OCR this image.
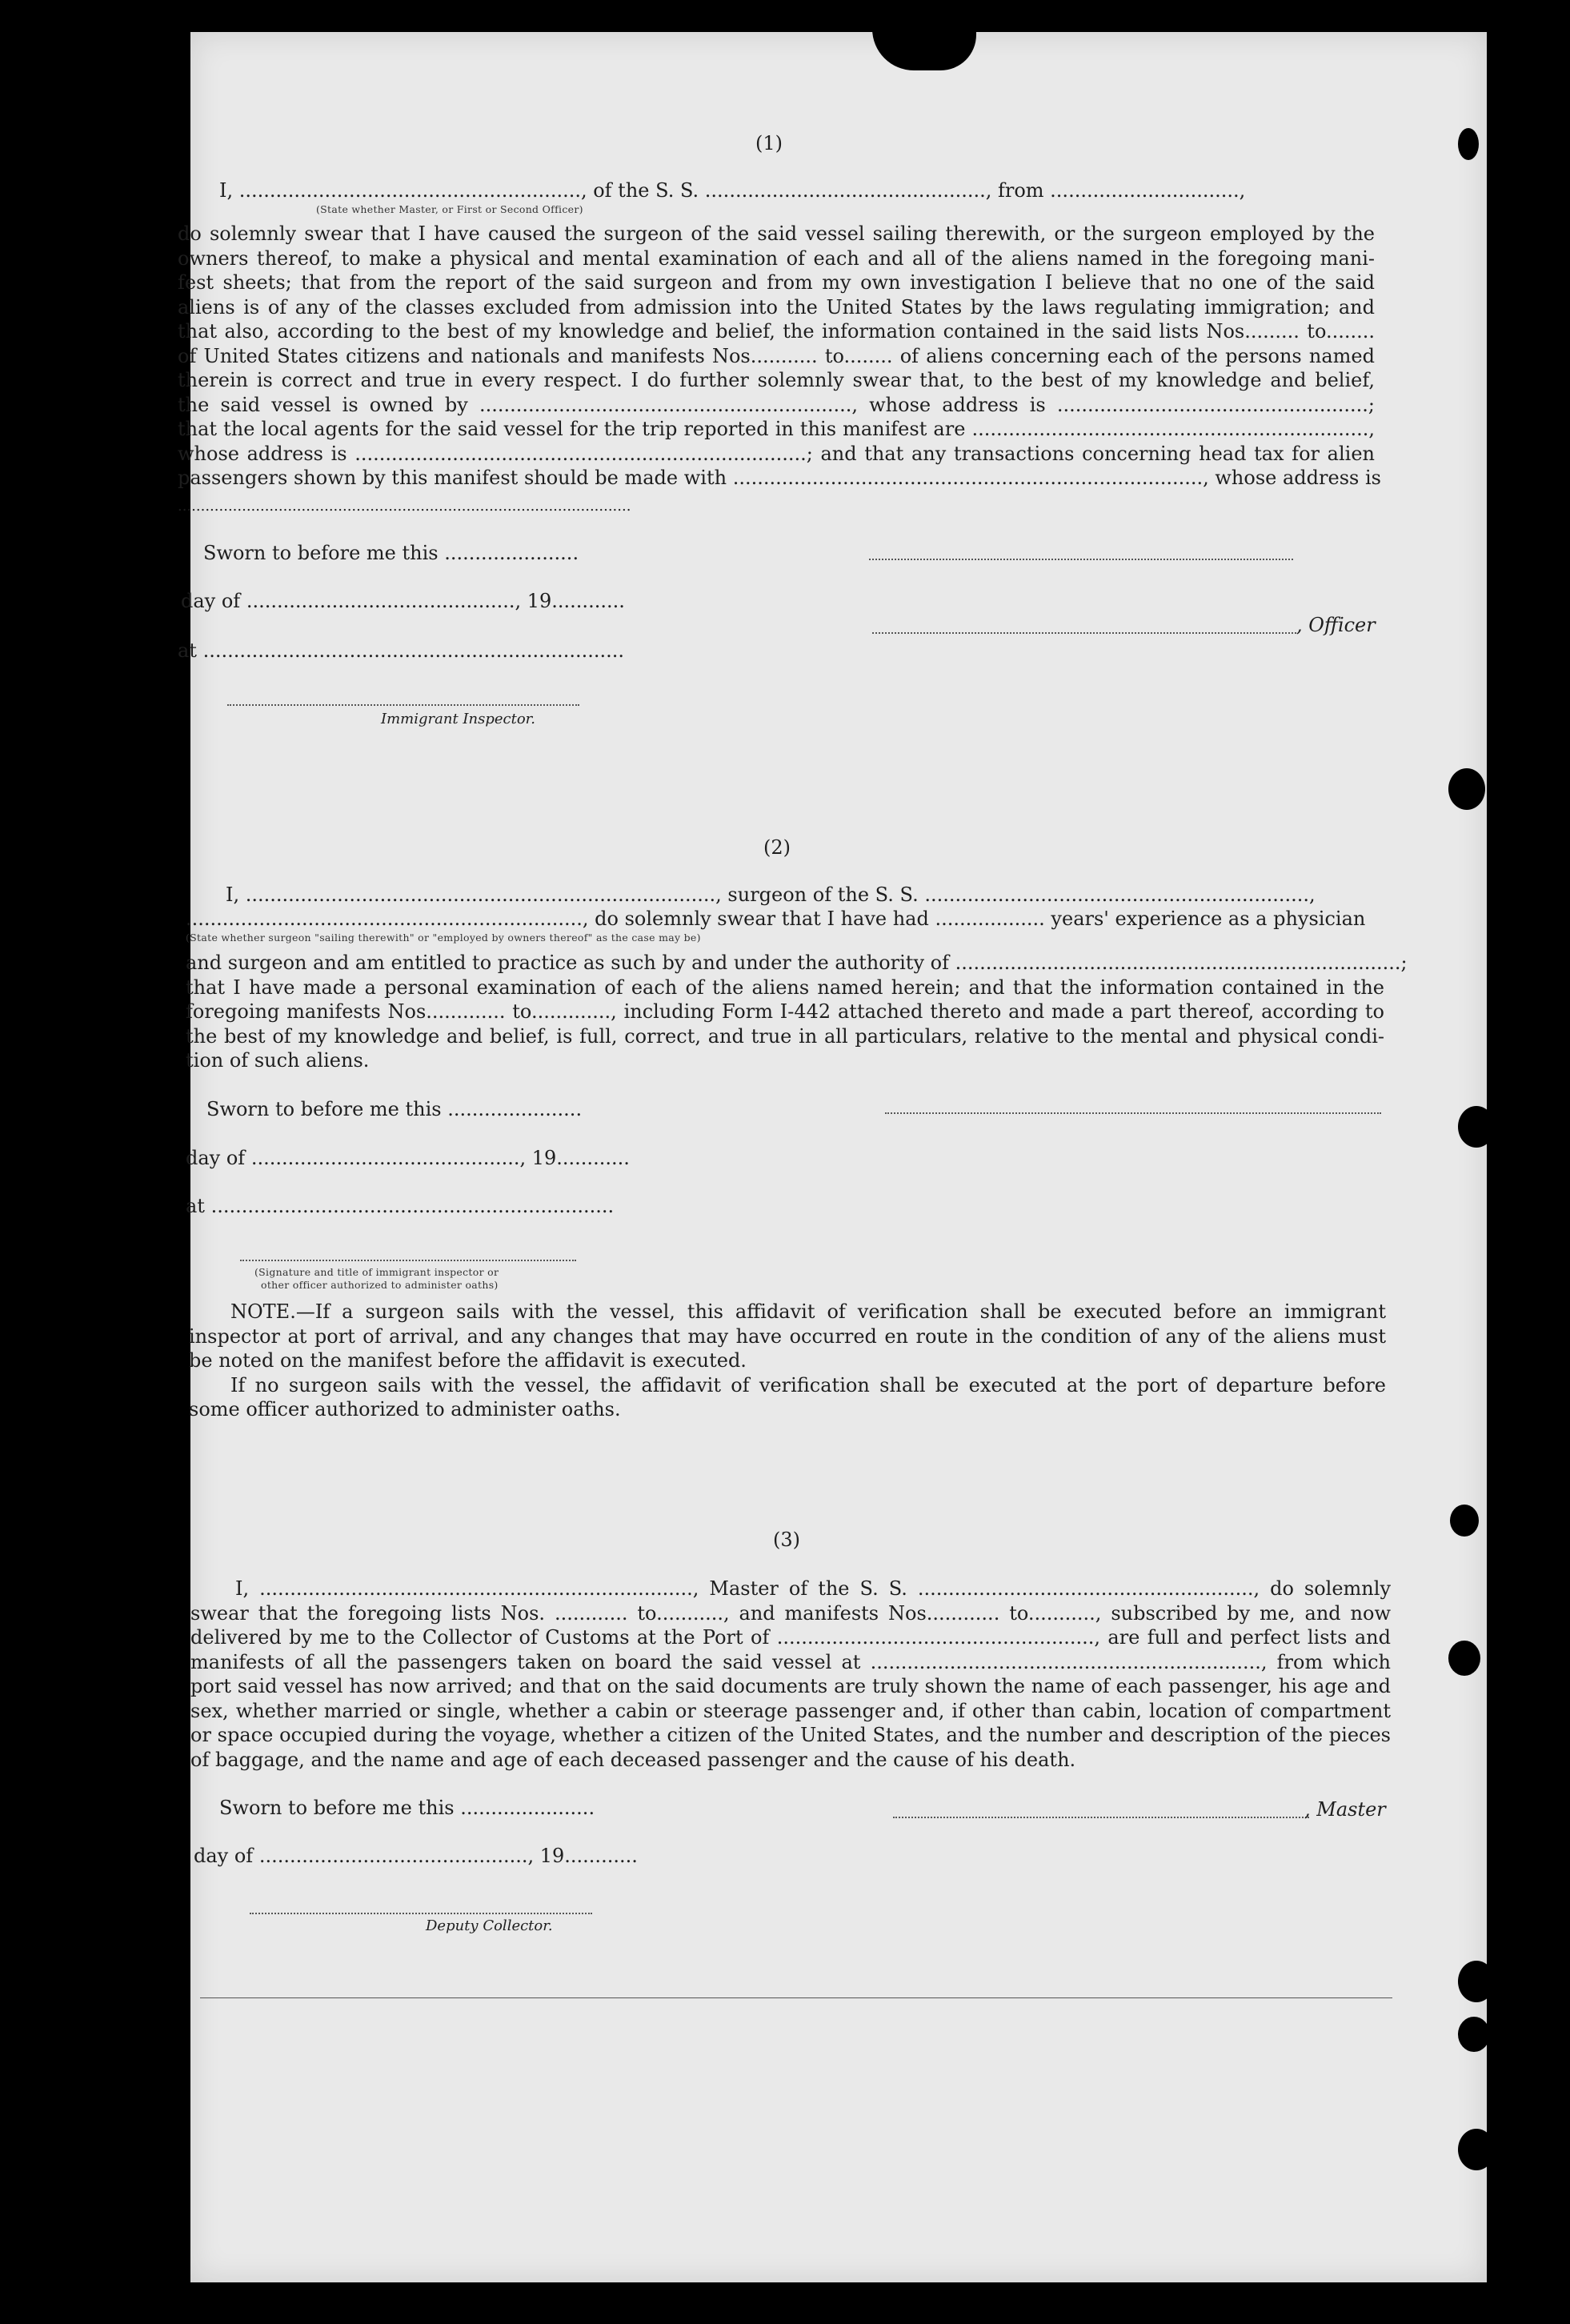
(1)
I, ........................................................, of the S. S. .............................................., from ...............................,
(State whether Master, or First or Second Officer)
do solemnly swear that I have caused the surgeon of the said vessel sailing therewith, or the surgeon employed by the
owners thereof, to make a physical and mental examination of each and all of the aliens named in the foregoing mani-
fest sheets; that from the report of the said surgeon and from my own investigation I believe that no one of the said
aliens is of any of the classes excluded from admission into the United States by the laws regulating immigration; and
that also, according to the best of my knowledge and belief, the information contained in the said lists Nos......... to........
of United States citizens and nationals and manifests Nos........... to........ of aliens concerning each of the persons named
therein is correct and true in every respect. I do further solemnly swear that, to the best of my knowledge and belief,
the said vessel is owned by ............................................................., whose address is ...................................................;
that the local agents for the said vessel for the trip reported in this manifest are .................................................................,
whose address is ..........................................................................; and that any transactions concerning head tax for alien
passengers shown by this manifest should be made with ............................................................................., whose address is
...................................................................................................
Sworn to before me this ......................
day of ............................................, 19............
at .....................................................................
Immigrant Inspector.
, Officer
(2)
I, ............................................................................., surgeon of the S. S. ...............................................................,
................................................................., do solemnly swear that I have had .................. years' experience as a physician
(State whether surgeon "sailing therewith" or "employed by owners thereof" as the case may be)
and surgeon and am entitled to practice as such by and under the authority of .........................................................................;
that I have made a personal examination of each of the aliens named herein; and that the information contained in the
foregoing manifests Nos............. to............., including Form I-442 attached thereto and made a part thereof, according to
the best of my knowledge and belief, is full, correct, and true in all particulars, relative to the mental and physical condi-
tion of such aliens.
Sworn to before me this ......................
day of ............................................, 19............
at ..................................................................
(Signature and title of immigrant inspector or
other officer authorized to administer oaths)
NOTE.—If a surgeon sails with the vessel, this affidavit of verification shall be executed before an immigrant
inspector at port of arrival, and any changes that may have occurred en route in the condition of any of the aliens must
be noted on the manifest before the affidavit is executed.
If no surgeon sails with the vessel, the affidavit of verification shall be executed at the port of departure before
some officer authorized to administer oaths.
(3)
I, ......................................................................., Master of the S. S. ......................................................., do solemnly
swear that the foregoing lists Nos. ............ to..........., and manifests Nos............ to..........., subscribed by me, and now
delivered by me to the Collector of Customs at the Port of ...................................................., are full and perfect lists and
manifests of all the passengers taken on board the said vessel at ................................................................, from which
port said vessel has now arrived; and that on the said documents are truly shown the name of each passenger, his age and
sex, whether married or single, whether a cabin or steerage passenger and, if other than cabin, location of compartment
or space occupied during the voyage, whether a citizen of the United States, and the number and description of the pieces
of baggage, and the name and age of each deceased passenger and the cause of his death.
Sworn to before me this ......................
day of ............................................, 19............
, Master
Deputy Collector.
